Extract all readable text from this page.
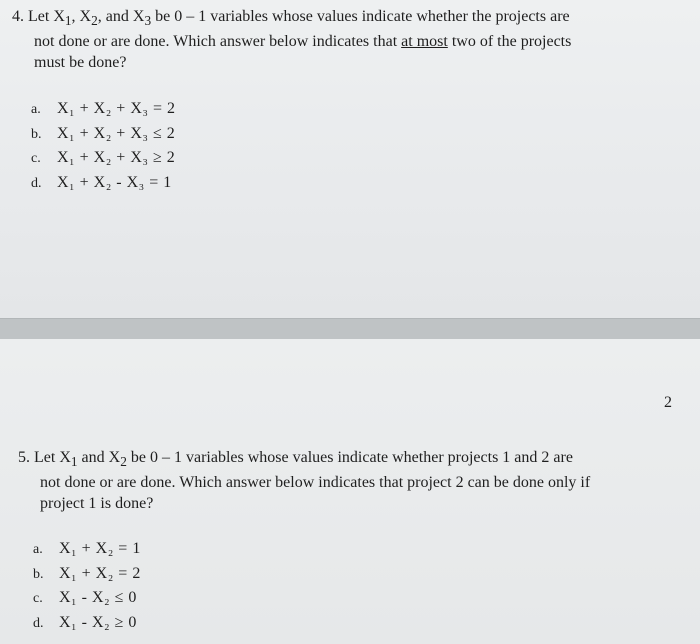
4. Let $X_1$, $X_2$, and $X_3$ be 0 – 1 variables whose values indicate whether the projects are
not done or are done. Which answer below indicates that at most two of the projects
must be done?
a. X₁ + X₂ + X₃ = 2
b. X₁ + X₂ + X₃ ≤ 2
c. X₁ + X₂ + X₃ ≥ 2
d. X₁ + X₂ - X₃ = 1
2
5. Let $X_1$ and $X_2$ be 0 – 1 variables whose values indicate whether projects 1 and 2 are
not done or are done. Which answer below indicates that project 2 can be done only if
project 1 is done?
a. X₁ + X₂ = 1
b. X₁ + X₂ = 2
c. X₁ - X₂ ≤ 0
d. X₁ - X₂ ≥ 0
